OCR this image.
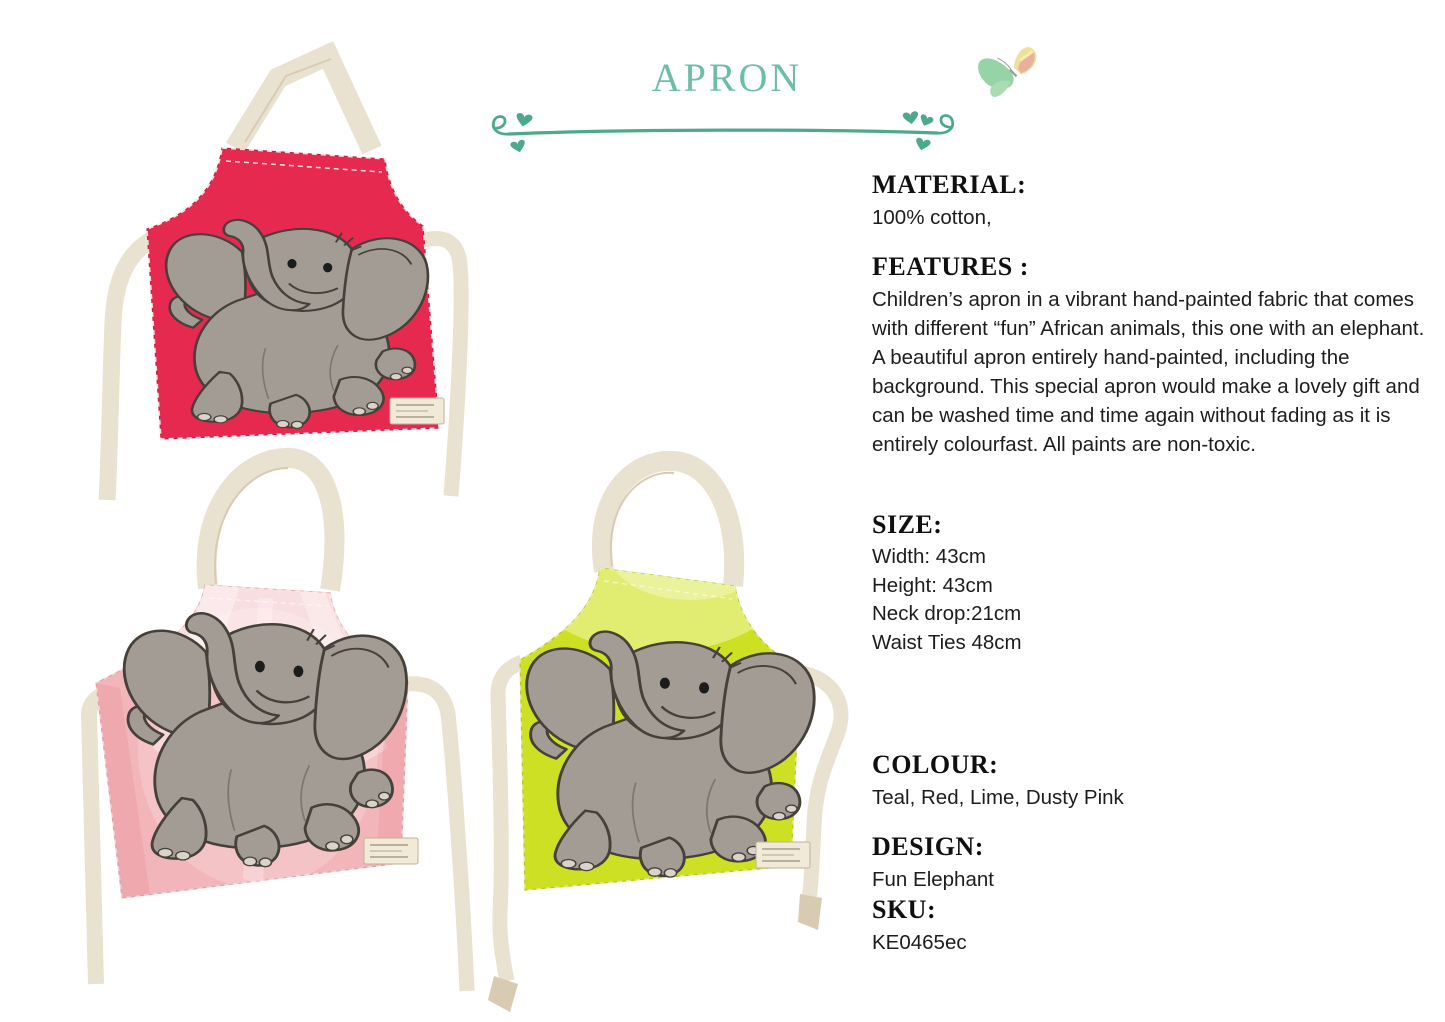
APRON
MATERIAL:

100% cotton,

FEATURES :

Children’s apron in a vibrant hand-painted fabric that comes with different “fun” African animals, this one with an elephant. A beautiful apron entirely hand-painted, including the background. This special apron would make a lovely gift and can be washed time and time again without fading as it is entirely colourfast. All paints are non-toxic.

SIZE:

Width: 43cm

Height: 43cm

Neck drop:21cm

Waist Ties 48cm

COLOUR:

Teal, Red, Lime, Dusty Pink

DESIGN:

Fun Elephant

SKU:

KE0465ec
